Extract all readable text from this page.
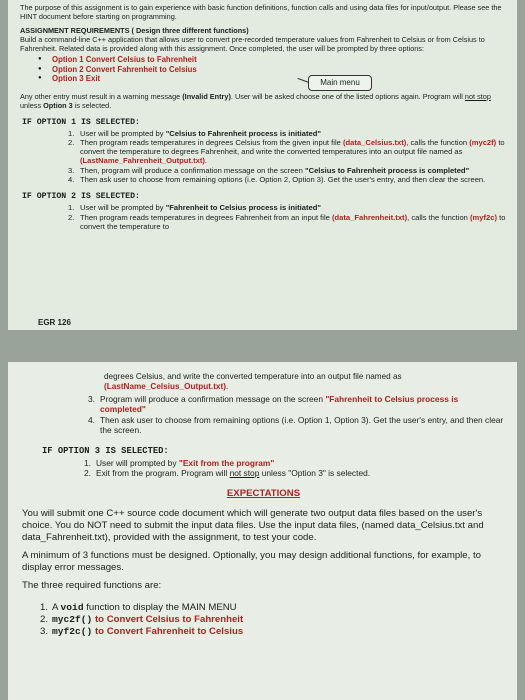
The purpose of this assignment is to gain experience with basic function definitions, function calls and using data files for input/output. Please see the HINT document before starting on programming.

ASSIGNMENT REQUIREMENTS ( Design three different functions)

Build a command-line C++ application that allows user to convert pre-recorded temperature values from Fahrenheit to Celsius or from Celsius to Fahrenheit. Related data is provided along with this assignment. Once completed, the user will be prompted by three options:

Main menu
● Option 1 Convert Celsius to Fahrenheit
● Option 2 Convert Fahrenheit to Celsius
● Option 3 Exit

Any other entry must result in a warning message (Invalid Entry). User will be asked choose one of the listed options again. Program will not stop unless Option 3 is selected.

IF OPTION 1 IS SELECTED:

1. User will be prompted by "Celsius to Fahrenheit process is initiated"
2. Then program reads temperatures in degrees Celsius from the given input file (data_Celsius.txt), calls the function (myc2f) to convert the temperature to degrees Fahrenheit, and write the converted temperatures into an output file named as (LastName_Fahrenheit_Output.txt).
3. Then, program will produce a confirmation message on the screen "Celsius to Fahrenheit process is completed"
4. Then ask user to choose from remaining options (i.e. Option 2, Option 3). Get the user's entry, and then clear the screen.

IF OPTION 2 IS SELECTED:

1. User will be prompted by "Fahrenheit to Celsius process is initiated"
2. Then program reads temperatures in degrees Fahrenheit from an input file (data_Fahrenheit.txt), calls the function (myf2c) to convert the temperature to
EGR 126

degrees Celsius, and write the converted temperature into an output file named as (LastName_Celsius_Output.txt).

3. Program will produce a confirmation message on the screen "Fahrenheit to Celsius process is completed"
4. Then ask user to choose from remaining options (i.e. Option 1, Option 3). Get the user's entry, and then clear the screen.

IF OPTION 3 IS SELECTED:

1. User will prompted by "Exit from the program"
2. Exit from the program. Program will not stop unless "Option 3" is selected.

EXPECTATIONS

You will submit one C++ source code document which will generate two output data files based on the user's choice. You do NOT need to submit the input data files. Use the input data files, (named data_Celsius.txt and data_Fahrenheit.txt), provided with the assignment, to test your code.

A minimum of 3 functions must be designed. Optionally, you may design additional functions, for example, to display error messages.

The three required functions are:

1. A void function to display the MAIN MENU
2. myc2f() to Convert Celsius to Fahrenheit
3. myf2c() to Convert Fahrenheit to Celsius
